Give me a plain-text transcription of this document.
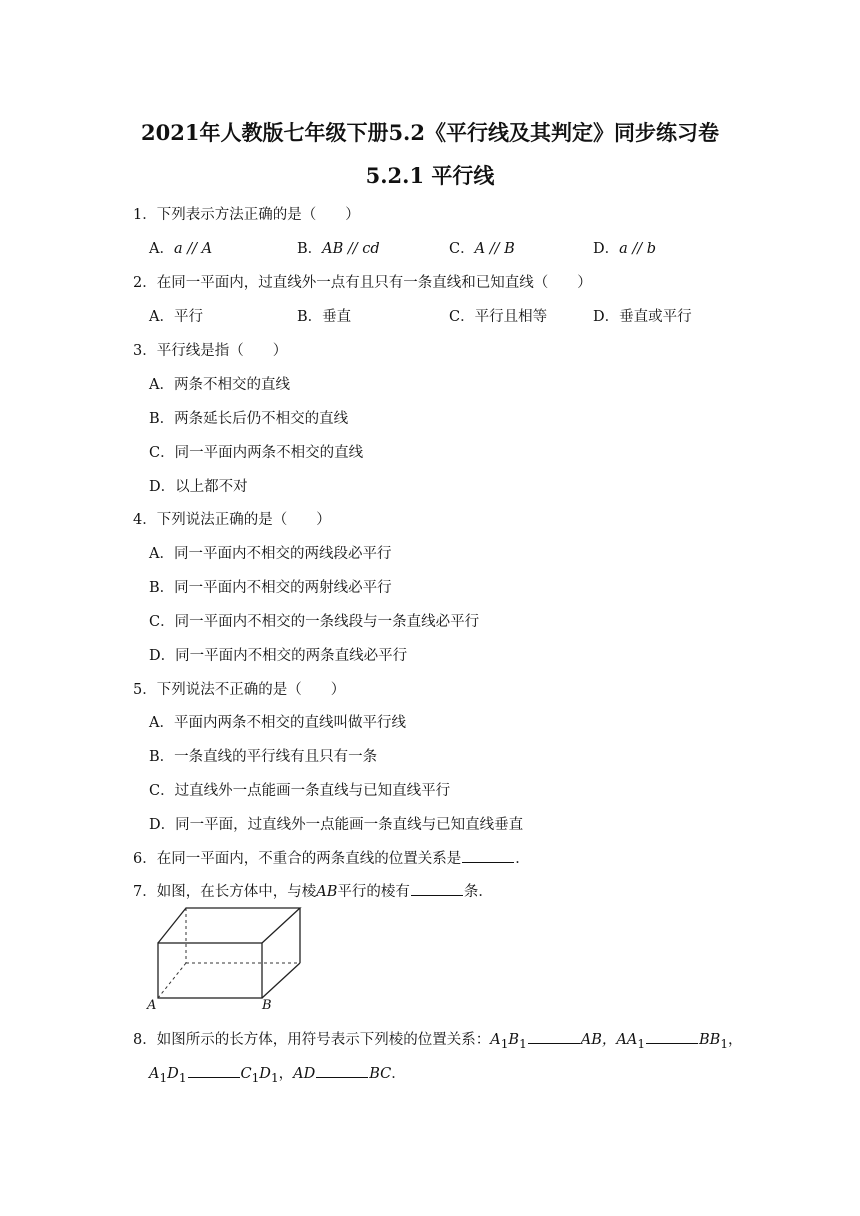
2021年人教版七年级下册5.2《平行线及其判定》同步练习卷
5.2.1 平行线
1．下列表示方法正确的是（　　）
A．a // A	B．AB // cd	C．A // B	D．a // b
2．在同一平面内，过直线外一点有且只有一条直线和已知直线（　　）
A．平行	B．垂直	C．平行且相等	D．垂直或平行
3．平行线是指（　　）
A．两条不相交的直线
B．两条延长后仍不相交的直线
C．同一平面内两条不相交的直线
D．以上都不对
4．下列说法正确的是（　　）
A．同一平面内不相交的两线段必平行
B．同一平面内不相交的两射线必平行
C．同一平面内不相交的一条线段与一条直线必平行
D．同一平面内不相交的两条直线必平行
5．下列说法不正确的是（　　）
A．平面内两条不相交的直线叫做平行线
B．一条直线的平行线有且只有一条
C．过直线外一点能画一条直线与已知直线平行
D．同一平面，过直线外一点能画一条直线与已知直线垂直
6．在同一平面内，不重合的两条直线的位置关系是	．
7．如图，在长方体中，与棱AB平行的棱有	条．
A	B
8．如图所示的长方体，用符号表示下列棱的位置关系：$A_1B_1$	AB，$AA_1$	$BB_1$，
$A_1D_1$	$C_1D_1$，AD	BC．
